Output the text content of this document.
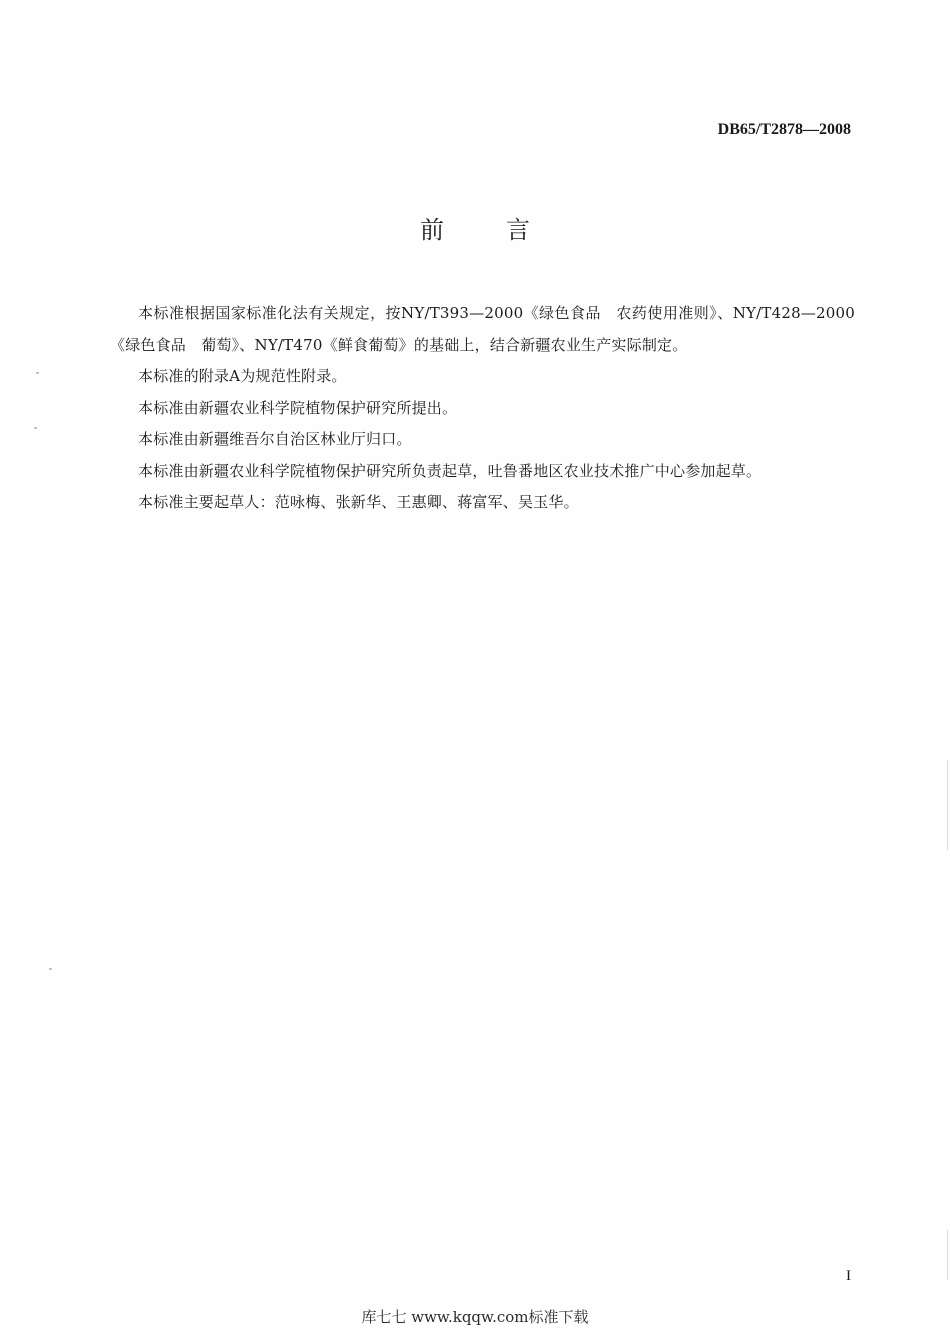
DB65/T2878—2008
前言

本标准根据国家标准化法有关规定，按NY/T393—2000《绿色食品　农药使用准则》、NY/T428—2000《绿色食品　葡萄》、NY/T470《鲜食葡萄》的基础上，结合新疆农业生产实际制定。

本标准的附录A为规范性附录。

本标准由新疆农业科学院植物保护研究所提出。

本标准由新疆维吾尔自治区林业厅归口。

本标准由新疆农业科学院植物保护研究所负责起草，吐鲁番地区农业技术推广中心参加起草。

本标准主要起草人：范咏梅、张新华、王惠卿、蒋富军、吴玉华。

I
库七七 www.kqqw.com标准下载
